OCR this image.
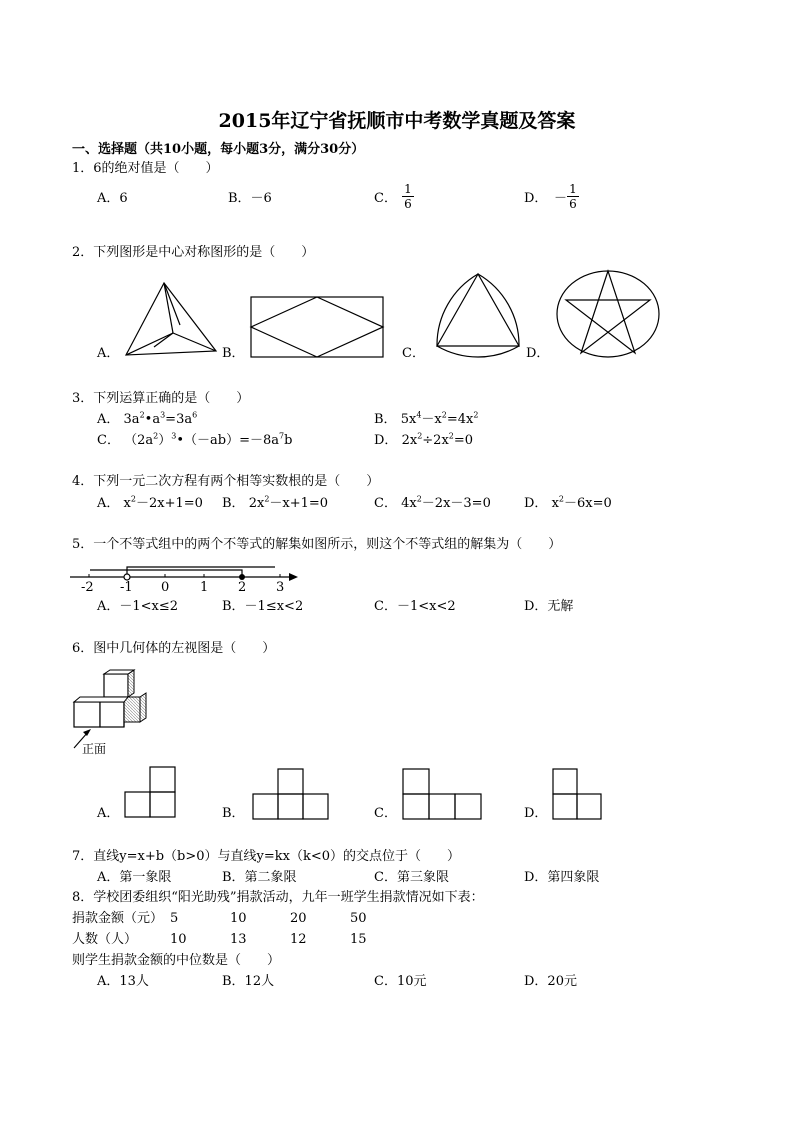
2015年辽宁省抚顺市中考数学真题及答案
一、选择题（共10小题，每小题3分，满分30分）
1．6的绝对值是（　　）
A．6	B．－6	C．
1
6	D． －
1
6
2．下列图形是中心对称图形的是（　　）
A．	B．	C．	D．
3．下列运算正确的是（　　）
A． $3a^2•a^3=3a^6$	B． $5x^4-x^2=4x^2$
C． $(2a^2)^3•(-ab)=-8a^7b$	D． $2x^2\div 2x^2=0$
4．下列一元二次方程有两个相等实数根的是（　　）
A． $x^2-2x+1=0$ B． $2x^2-x+1=0$	C． $4x^2-2x-3=0$	D． $x^2-6x=0$
5．一个不等式组中的两个不等式的解集如图所示，则这个不等式组的解集为（　　）
-2 -1 0 1 2 3
A．－1<x≤2	B．－1≤x<2	C．－1<x<2	D．无解
6．图中几何体的左视图是（　　）
正面
A．	B．	C．	D．
7．直线y=x+b（b>0）与直线y=kx（k<0）的交点位于（　　）
A．第一象限	B．第二象限	C．第三象限	D．第四象限
8．学校团委组织“阳光助残”捐款活动，九年一班学生捐款情况如下表：
捐款金额（元） 5	10	20	50
人数（人）	10	13	12	15
则学生捐款金额的中位数是（　　）
A．13人	B．12人	C．10元	D．20元
